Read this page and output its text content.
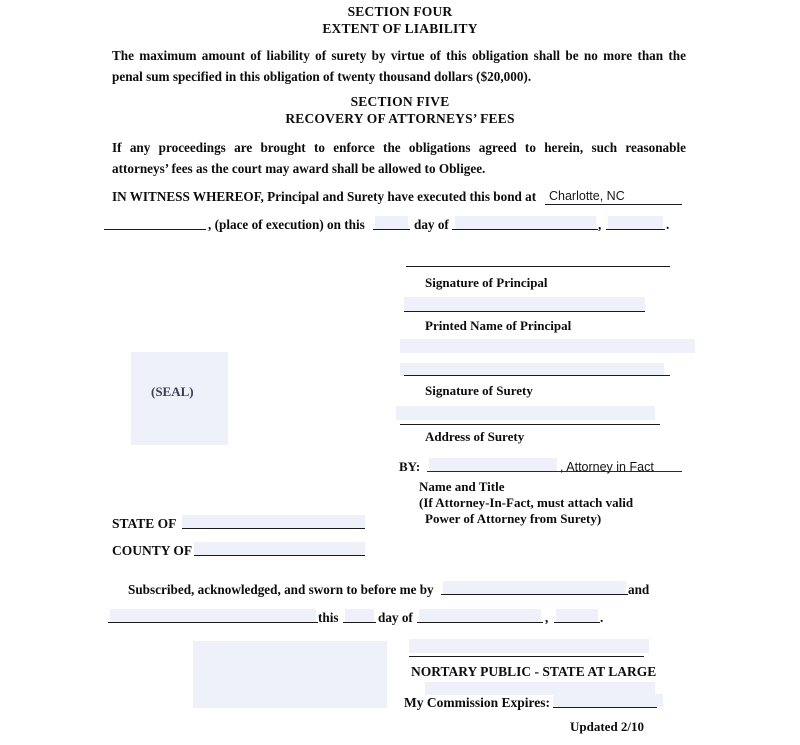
SECTION FOUR
EXTENT OF LIABILITY
The maximum amount of liability of surety by virtue of this obligation shall be no more than the
penal sum specified in this obligation of twenty thousand dollars ($20,000).
SECTION FIVE
RECOVERY OF ATTORNEYS’ FEES
If any proceedings are brought to enforce the obligations agreed to herein, such reasonable
attorneys’ fees as the court may award shall be allowed to Obligee.
IN WITNESS WHEREOF, Principal and Surety have executed this bond at Charlotte, NC
, (place of execution) on this	day of	,	.
Signature of Principal
Printed Name of Principal
Signature of Surety
Address of Surety
BY:	, Attorney in Fact
Name and Title
(If Attorney-In-Fact, must attach valid
Power of Attorney from Surety)
(SEAL)
STATE OF
COUNTY OF
Subscribed, acknowledged, and sworn to before me by	and
this	day of	,	.
NORTARY PUBLIC - STATE AT LARGE
My Commission Expires:
Updated 2/10
